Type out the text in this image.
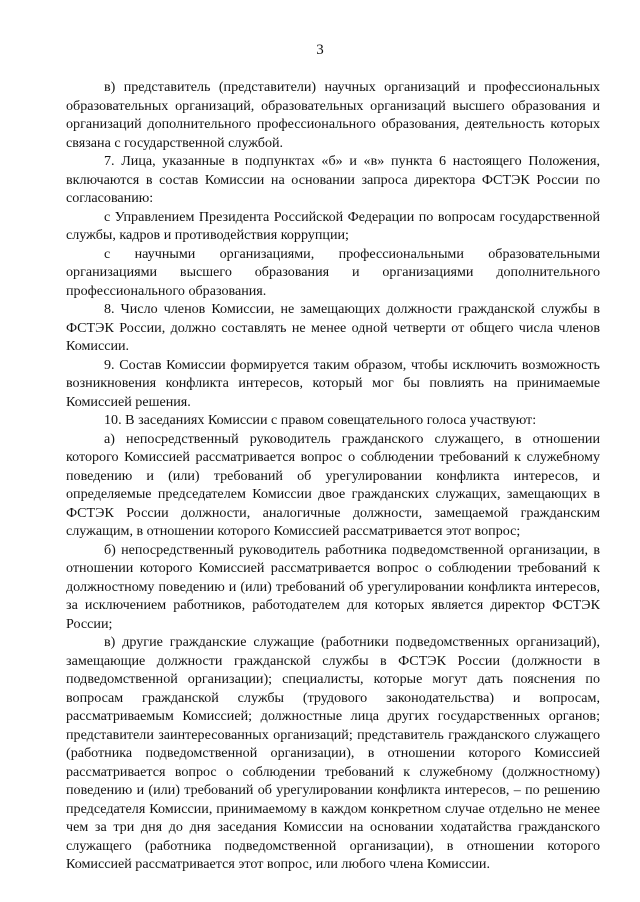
3

в) представитель (представители) научных организаций и профессиональных образовательных организаций, образовательных организаций высшего образования и организаций дополнительного профессионального образования, деятельность которых связана с государственной службой.

7. Лица, указанные в подпунктах «б» и «в» пункта 6 настоящего Положения, включаются в состав Комиссии на основании запроса директора ФСТЭК России по согласованию:

с Управлением Президента Российской Федерации по вопросам государственной службы, кадров и противодействия коррупции;

с научными организациями, профессиональными образовательными организациями высшего образования и организациями дополнительного профессионального образования.

8. Число членов Комиссии, не замещающих должности гражданской службы в ФСТЭК России, должно составлять не менее одной четверти от общего числа членов Комиссии.

9. Состав Комиссии формируется таким образом, чтобы исключить возможность возникновения конфликта интересов, который мог бы повлиять на принимаемые Комиссией решения.

10. В заседаниях Комиссии с правом совещательного голоса участвуют:

а) непосредственный руководитель гражданского служащего, в отношении которого Комиссией рассматривается вопрос о соблюдении требований к служебному поведению и (или) требований об урегулировании конфликта интересов, и определяемые председателем Комиссии двое гражданских служащих, замещающих в ФСТЭК России должности, аналогичные должности, замещаемой гражданским служащим, в отношении которого Комиссией рассматривается этот вопрос;

б) непосредственный руководитель работника подведомственной организации, в отношении которого Комиссией рассматривается вопрос о соблюдении требований к должностному поведению и (или) требований об урегулировании конфликта интересов, за исключением работников, работодателем для которых является директор ФСТЭК России;

в) другие гражданские служащие (работники подведомственных организаций), замещающие должности гражданской службы в ФСТЭК России (должности в подведомственной организации); специалисты, которые могут дать пояснения по вопросам гражданской службы (трудового законодательства) и вопросам, рассматриваемым Комиссией; должностные лица других государственных органов; представители заинтересованных организаций; представитель гражданского служащего (работника подведомственной организации), в отношении которого Комиссией рассматривается вопрос о соблюдении требований к служебному (должностному) поведению и (или) требований об урегулировании конфликта интересов, – по решению председателя Комиссии, принимаемому в каждом конкретном случае отдельно не менее чем за три дня до дня заседания Комиссии на основании ходатайства гражданского служащего (работника подведомственной организации), в отношении которого Комиссией рассматривается этот вопрос, или любого члена Комиссии.
